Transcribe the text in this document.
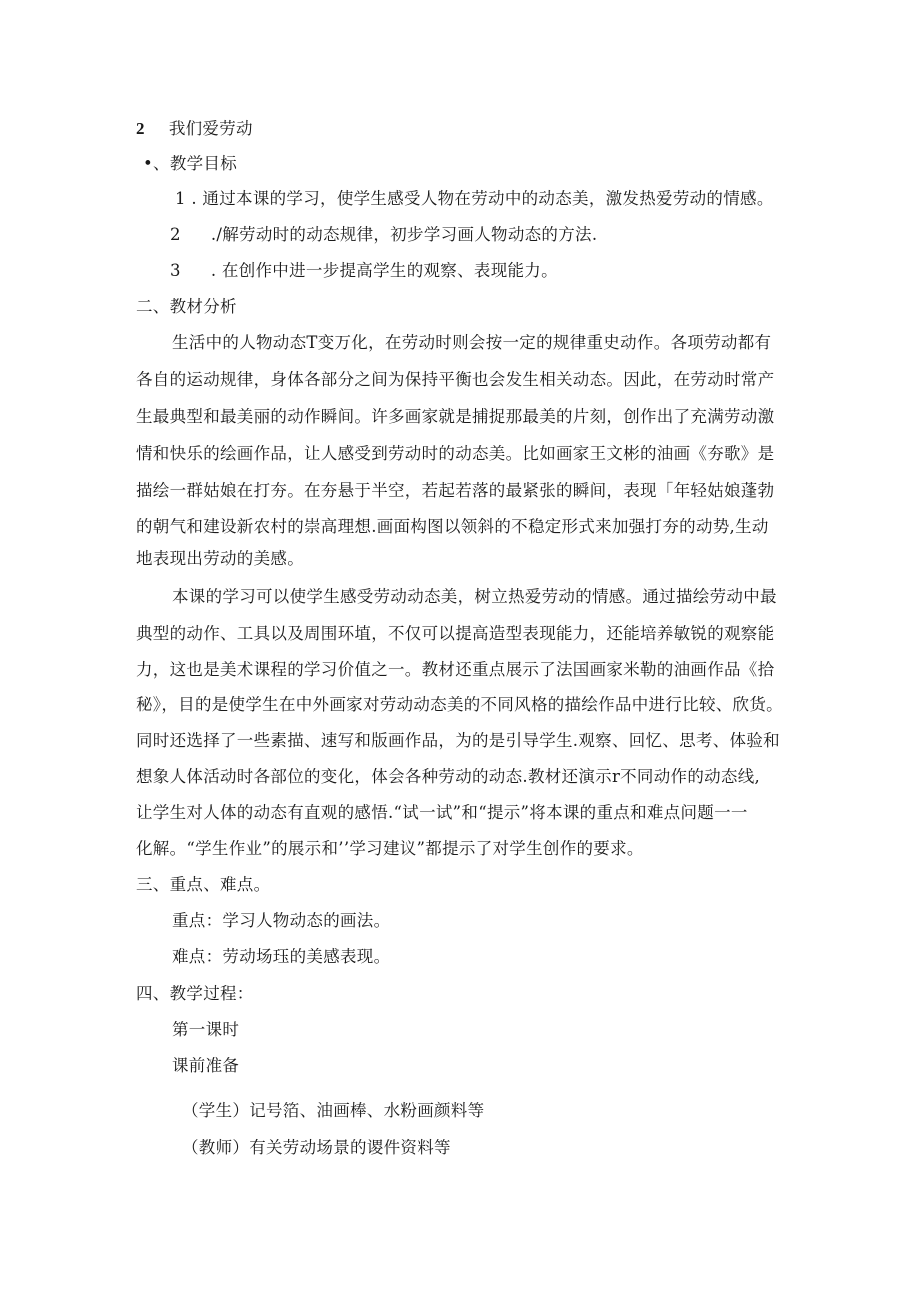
2 我们爱劳动
•、教学目标
1 . 通过本课的学习，使学生感受人物在劳动中的动态美，激发热爱劳动的情感。
2 ./解劳动时的动态规律，初步学习画人物动态的方法.
3 . 在创作中进一步提高学生的观察、表现能力。
二、教材分析
生活中的人物动态T变万化，在劳动时则会按一定的规律重史动作。各项劳动都有
各自的运动规律，身体各部分之间为保持平衡也会发生相关动态。因此，在劳动时常产
生最典型和最美丽的动作瞬间。许多画家就是捕捉那最美的片刻，创作出了充满劳动激
情和快乐的绘画作品，让人感受到劳动时的动态美。比如画家王文彬的油画《夯歌》是
描绘一群姑娘在打夯。在夯悬于半空，若起若落的最紧张的瞬间，表现「年轻姑娘蓬勃
的朝气和建设新农村的崇高理想.画面构图以领斜的不稳定形式来加强打夯的动势,生动
地表现出劳动的美感。
本课的学习可以使学生感受劳动动态美，树立热爱劳动的情感。通过描绘劳动中最
典型的动作、工具以及周围环埴，不仅可以提高造型表现能力，还能培养敏锐的观察能
力，这也是美术课程的学习价值之一。教材还重点展示了法国画家米勒的油画作品《拾
秘》，目的是使学生在中外画家对劳动动态美的不同风格的描绘作品中进行比较、欣货。
同时还选择了一些素描、速写和版画作品，为的是引导学生.观察、回忆、思考、体验和
想象人体活动时各部位的变化，体会各种劳动的动态.教材还演示r不同动作的动态线,
让学生对人体的动态有直观的感悟.“试一试”和“提示”将本课的重点和难点问题一一
化解。“学生作业”的展示和’’学习建议”都提示了对学生创作的要求。
三、重点、难点。
重点：学习人物动态的画法。
难点：劳动场珏的美感表现。
四、教学过程：
第一课时
课前准备
（学生）记号箔、油画棒、水粉画颜料等
（教师）有关劳动场景的谡件资料等
